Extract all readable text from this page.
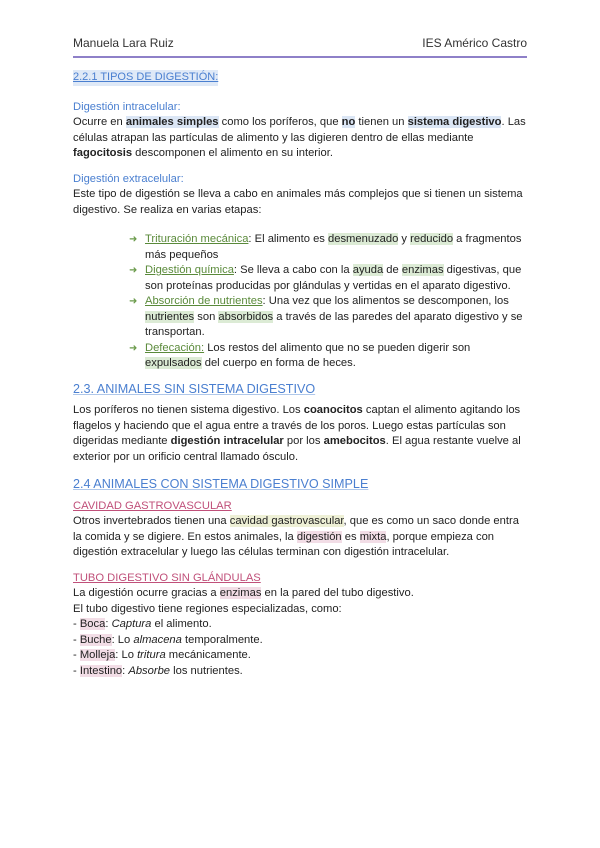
Manuela Lara Ruiz	IES Américo Castro
2.2.1 TIPOS DE DIGESTIÓN:

Digestión intracelular:

Ocurre en animales simples como los poríferos, que no tienen un sistema digestivo. Las células atrapan las partículas de alimento y las digieren dentro de ellas mediante fagocitosis descomponen el alimento en su interior.

Digestión extracelular:

Este tipo de digestión se lleva a cabo en animales más complejos que si tienen un sistema digestivo. Se realiza en varias etapas:

➜ Trituración mecánica: El alimento es desmenuzado y reducido a fragmentos más pequeños
➜ Digestión química: Se lleva a cabo con la ayuda de enzimas digestivas, que son proteínas producidas por glándulas y vertidas en el aparato digestivo.
➜ Absorción de nutrientes: Una vez que los alimentos se descomponen, los nutrientes son absorbidos a través de las paredes del aparato digestivo y se transportan.
➜ Defecación: Los restos del alimento que no se pueden digerir son expulsados del cuerpo en forma de heces.
2.3. ANIMALES SIN SISTEMA DIGESTIVO

Los poríferos no tienen sistema digestivo. Los coanocitos captan el alimento agitando los flagelos y haciendo que el agua entre a través de los poros. Luego estas partículas son digeridas mediante digestión intracelular por los amebocitos. El agua restante vuelve al exterior por un orificio central llamado ósculo.

2.4 ANIMALES CON SISTEMA DIGESTIVO SIMPLE

CAVIDAD GASTROVASCULAR

Otros invertebrados tienen una cavidad gastrovascular, que es como un saco donde entra la comida y se digiere. En estos animales, la digestión es mixta, porque empieza con digestión extracelular y luego las células terminan con digestión intracelular.

TUBO DIGESTIVO SIN GLÁNDULAS

La digestión ocurre gracias a enzimas en la pared del tubo digestivo.

El tubo digestivo tiene regiones especializadas, como:

- Boca: Captura el alimento.

- Buche: Lo almacena temporalmente.

- Molleja: Lo tritura mecánicamente.

- Intestino: Absorbe los nutrientes.
